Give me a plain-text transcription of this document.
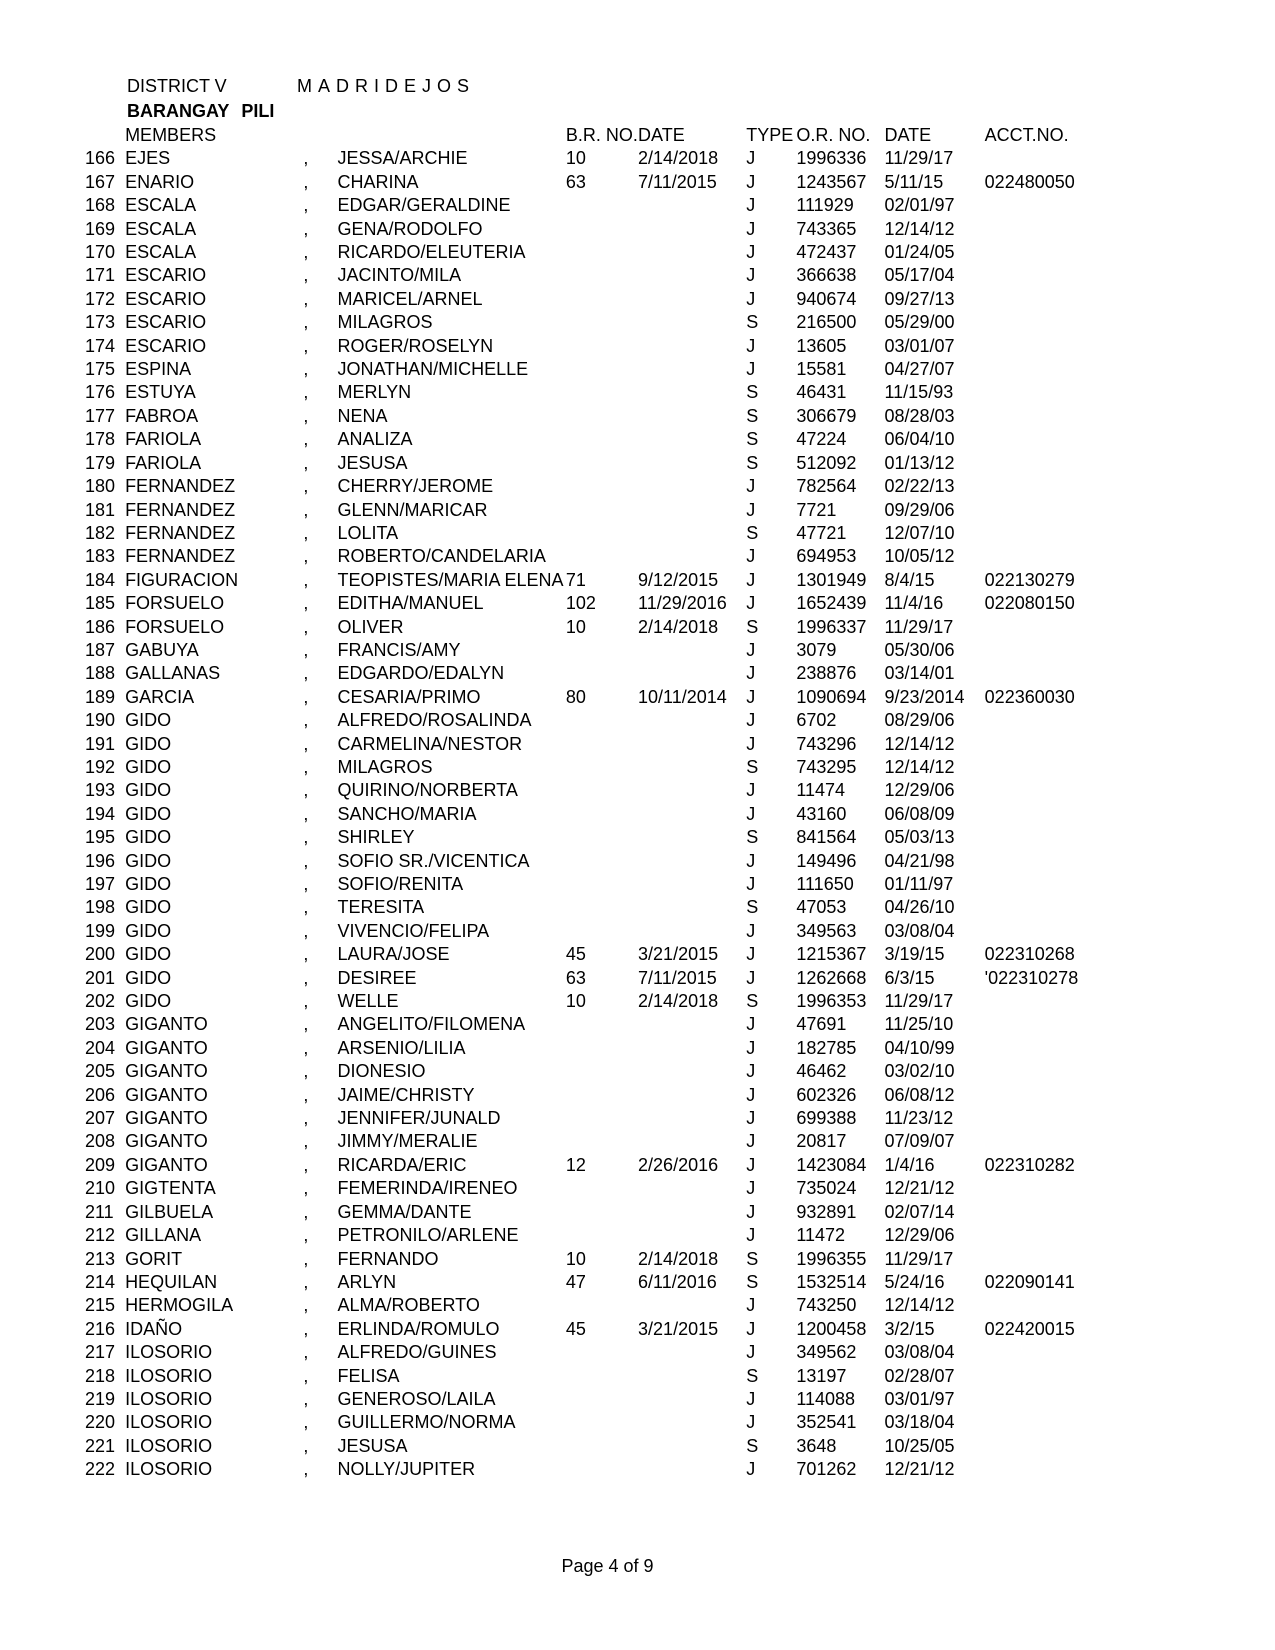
DISTRICT V	MADRIDEJOS
BARANGAY PILI
	MEMBERS			B.R. NO.	DATE	TYPE	O.R. NO.	DATE	ACCT.NO.
166	EJES	,	JESSA/ARCHIE	10	2/14/2018	J	1996336	11/29/17	
167	ENARIO	,	CHARINA	63	7/11/2015	J	1243567	5/11/15	022480050
168	ESCALA	,	EDGAR/GERALDINE			J	111929	02/01/97	
169	ESCALA	,	GENA/RODOLFO			J	743365	12/14/12	
170	ESCALA	,	RICARDO/ELEUTERIA			J	472437	01/24/05	
171	ESCARIO	,	JACINTO/MILA			J	366638	05/17/04	
172	ESCARIO	,	MARICEL/ARNEL			J	940674	09/27/13	
173	ESCARIO	,	MILAGROS			S	216500	05/29/00	
174	ESCARIO	,	ROGER/ROSELYN			J	13605	03/01/07	
175	ESPINA	,	JONATHAN/MICHELLE			J	15581	04/27/07	
176	ESTUYA	,	MERLYN			S	46431	11/15/93	
177	FABROA	,	NENA			S	306679	08/28/03	
178	FARIOLA	,	ANALIZA			S	47224	06/04/10	
179	FARIOLA	,	JESUSA			S	512092	01/13/12	
180	FERNANDEZ	,	CHERRY/JEROME			J	782564	02/22/13	
181	FERNANDEZ	,	GLENN/MARICAR			J	7721	09/29/06	
182	FERNANDEZ	,	LOLITA			S	47721	12/07/10	
183	FERNANDEZ	,	ROBERTO/CANDELARIA			J	694953	10/05/12	
184	FIGURACION	,	TEOPISTES/MARIA ELENA	71	9/12/2015	J	1301949	8/4/15	022130279
185	FORSUELO	,	EDITHA/MANUEL	102	11/29/2016	J	1652439	11/4/16	022080150
186	FORSUELO	,	OLIVER	10	2/14/2018	S	1996337	11/29/17	
187	GABUYA	,	FRANCIS/AMY			J	3079	05/30/06	
188	GALLANAS	,	EDGARDO/EDALYN			J	238876	03/14/01	
189	GARCIA	,	CESARIA/PRIMO	80	10/11/2014	J	1090694	9/23/2014	022360030
190	GIDO	,	ALFREDO/ROSALINDA			J	6702	08/29/06	
191	GIDO	,	CARMELINA/NESTOR			J	743296	12/14/12	
192	GIDO	,	MILAGROS			S	743295	12/14/12	
193	GIDO	,	QUIRINO/NORBERTA			J	11474	12/29/06	
194	GIDO	,	SANCHO/MARIA			J	43160	06/08/09	
195	GIDO	,	SHIRLEY			S	841564	05/03/13	
196	GIDO	,	SOFIO SR./VICENTICA			J	149496	04/21/98	
197	GIDO	,	SOFIO/RENITA			J	111650	01/11/97	
198	GIDO	,	TERESITA			S	47053	04/26/10	
199	GIDO	,	VIVENCIO/FELIPA			J	349563	03/08/04	
200	GIDO	,	LAURA/JOSE	45	3/21/2015	J	1215367	3/19/15	022310268
201	GIDO	,	DESIREE	63	7/11/2015	J	1262668	6/3/15	'022310278
202	GIDO	,	WELLE	10	2/14/2018	S	1996353	11/29/17	
203	GIGANTO	,	ANGELITO/FILOMENA			J	47691	11/25/10	
204	GIGANTO	,	ARSENIO/LILIA			J	182785	04/10/99	
205	GIGANTO	,	DIONESIO			J	46462	03/02/10	
206	GIGANTO	,	JAIME/CHRISTY			J	602326	06/08/12	
207	GIGANTO	,	JENNIFER/JUNALD			J	699388	11/23/12	
208	GIGANTO	,	JIMMY/MERALIE			J	20817	07/09/07	
209	GIGANTO	,	RICARDA/ERIC	12	2/26/2016	J	1423084	1/4/16	022310282
210	GIGTENTA	,	FEMERINDA/IRENEO			J	735024	12/21/12	
211	GILBUELA	,	GEMMA/DANTE			J	932891	02/07/14	
212	GILLANA	,	PETRONILO/ARLENE			J	11472	12/29/06	
213	GORIT	,	FERNANDO	10	2/14/2018	S	1996355	11/29/17	
214	HEQUILAN	,	ARLYN	47	6/11/2016	S	1532514	5/24/16	022090141
215	HERMOGILA	,	ALMA/ROBERTO			J	743250	12/14/12	
216	IDAÑO	,	ERLINDA/ROMULO	45	3/21/2015	J	1200458	3/2/15	022420015
217	ILOSORIO	,	ALFREDO/GUINES			J	349562	03/08/04	
218	ILOSORIO	,	FELISA			S	13197	02/28/07	
219	ILOSORIO	,	GENEROSO/LAILA			J	114088	03/01/97	
220	ILOSORIO	,	GUILLERMO/NORMA			J	352541	03/18/04	
221	ILOSORIO	,	JESUSA			S	3648	10/25/05	
222	ILOSORIO	,	NOLLY/JUPITER			J	701262	12/21/12	
Page 4 of 9
